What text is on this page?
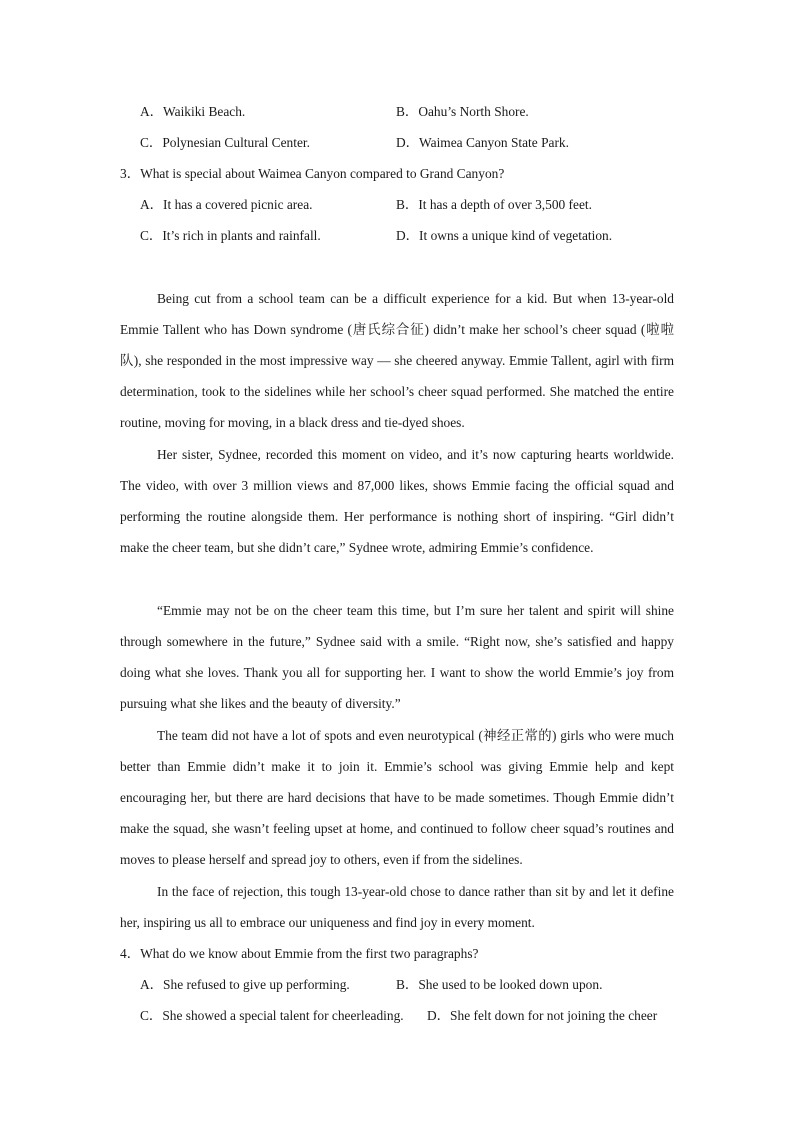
A．Waikiki Beach.	B．Oahu’s North Shore.
C．Polynesian Cultural Center.	D．Waimea Canyon State Park.
3．What is special about Waimea Canyon compared to Grand Canyon?
A．It has a covered picnic area.	B．It has a depth of over 3,500 feet.
C．It’s rich in plants and rainfall.	D．It owns a unique kind of vegetation.
Being cut from a school team can be a difficult experience for a kid. But when 13-year-old Emmie Tallent who has Down syndrome (唐氏综合征) didn’t make her school’s cheer squad (啦啦队), she responded in the most impressive way — she cheered anyway. Emmie Tallent, agirl with firm determination, took to the sidelines while her school’s cheer squad performed. She matched the entire routine, moving for moving, in a black dress and tie-dyed shoes.
Her sister, Sydnee, recorded this moment on video, and it’s now capturing hearts worldwide. The video, with over 3 million views and 87,000 likes, shows Emmie facing the official squad and performing the routine alongside them. Her performance is nothing short of inspiring. “Girl didn’t make the cheer team, but she didn’t care,” Sydnee wrote, admiring Emmie’s confidence.
“Emmie may not be on the cheer team this time, but I’m sure her talent and spirit will shine through somewhere in the future,” Sydnee said with a smile. “Right now, she’s satisfied and happy doing what she loves. Thank you all for supporting her. I want to show the world Emmie’s joy from pursuing what she likes and the beauty of diversity.”
The team did not have a lot of spots and even neurotypical (神经正常的) girls who were much better than Emmie didn’t make it to join it. Emmie’s school was giving Emmie help and kept encouraging her, but there are hard decisions that have to be made sometimes. Though Emmie didn’t make the squad, she wasn’t feeling upset at home, and continued to follow cheer squad’s routines and moves to please herself and spread joy to others, even if from the sidelines.
In the face of rejection, this tough 13-year-old chose to dance rather than sit by and let it define her, inspiring us all to embrace our uniqueness and find joy in every moment.
4．What do we know about Emmie from the first two paragraphs?
A．She refused to give up performing.	B．She used to be looked down upon.
C．She showed a special talent for cheerleading. D．She felt down for not joining the cheer
